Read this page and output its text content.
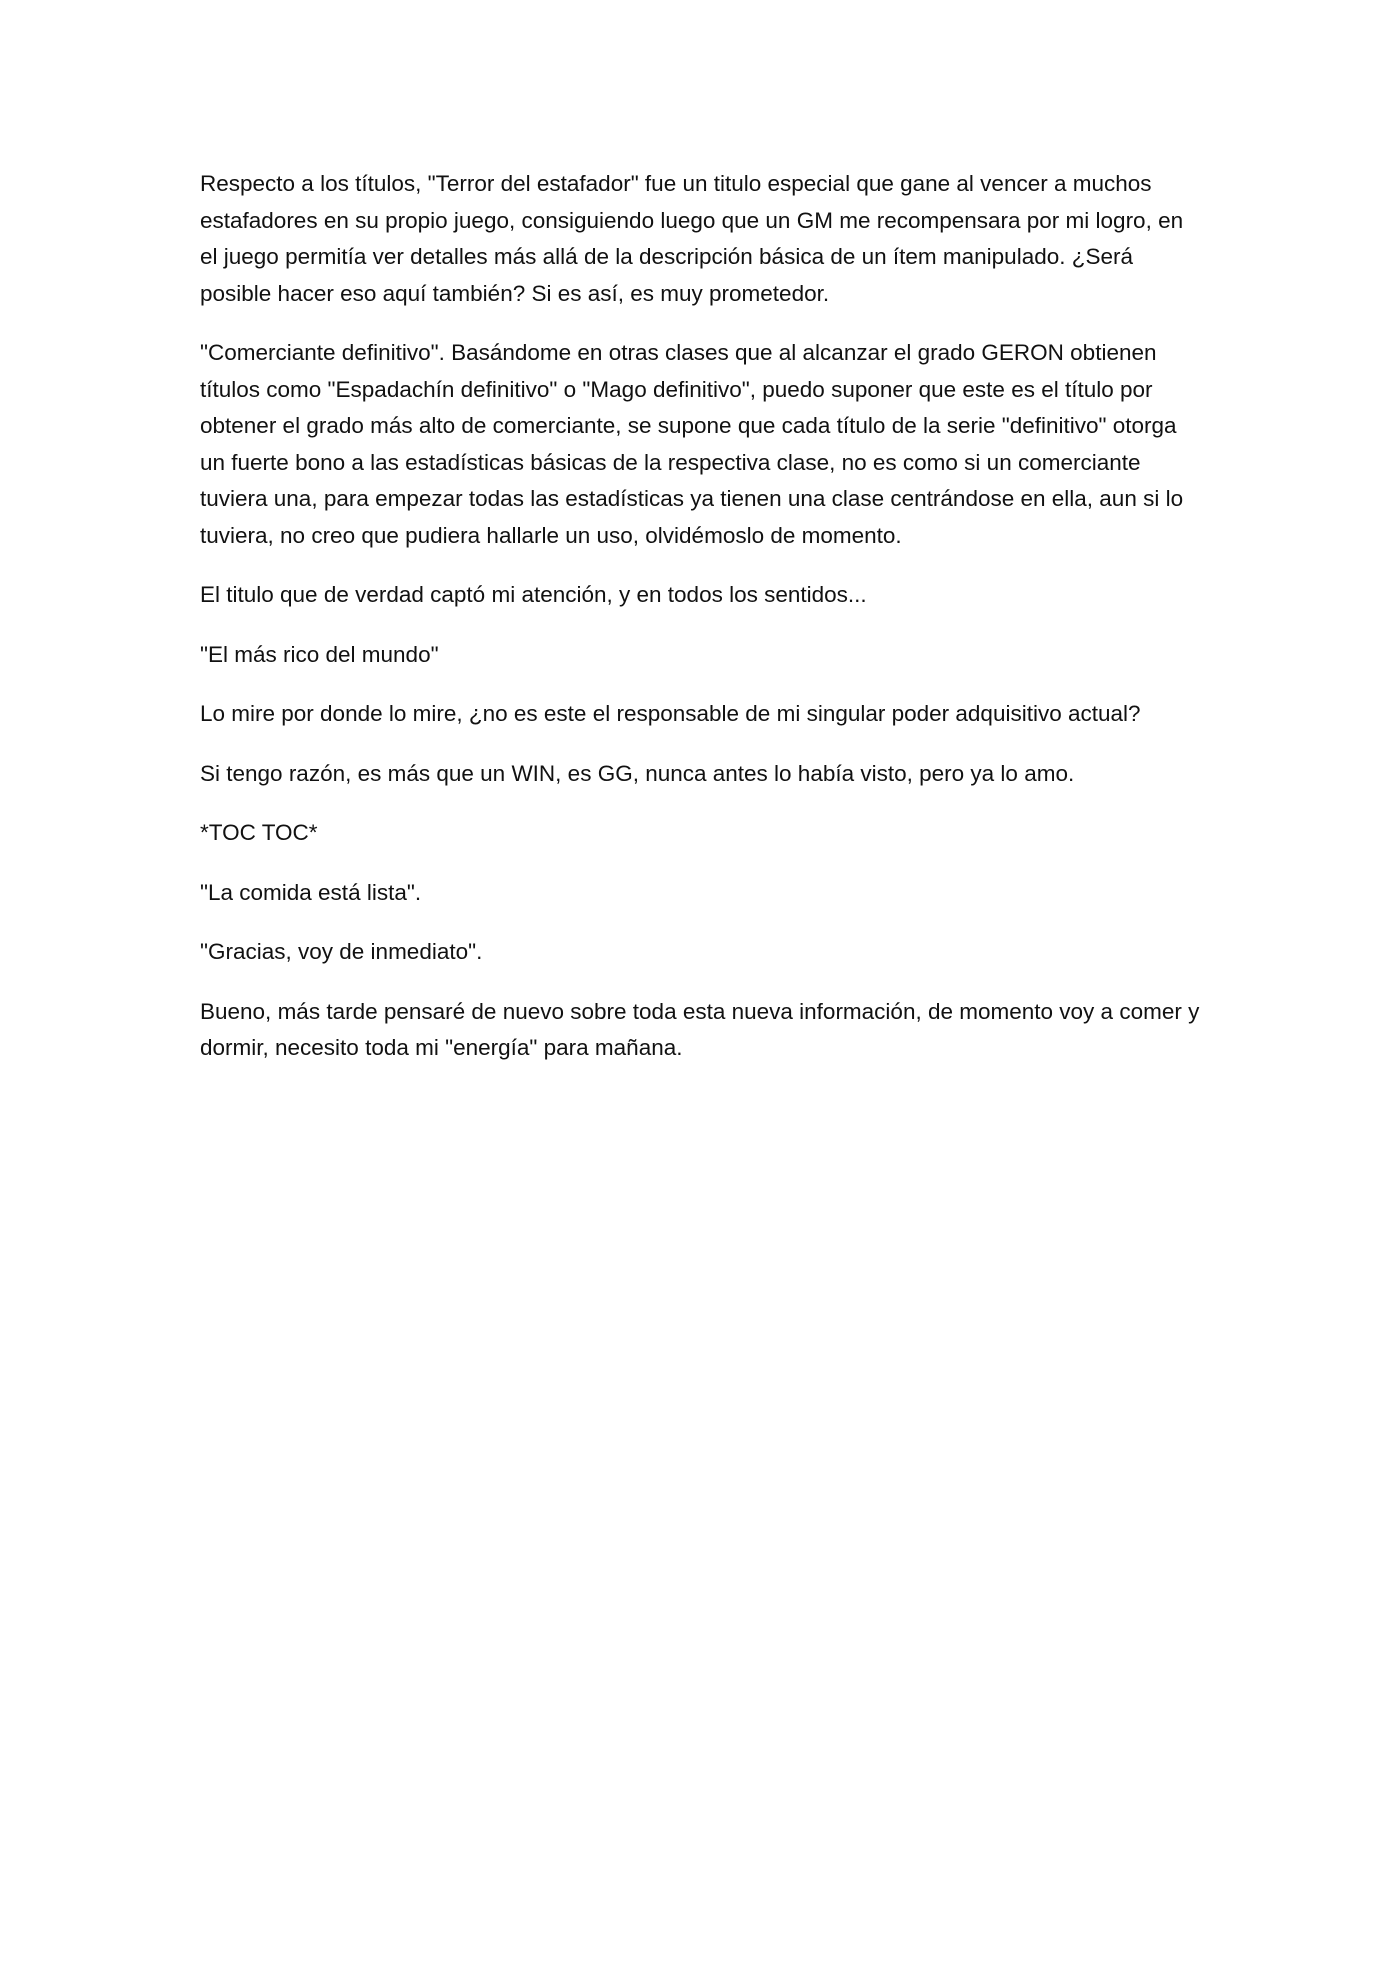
Respecto a los títulos, "Terror del estafador" fue un titulo especial que gane al vencer a muchos estafadores en su propio juego, consiguiendo luego que un GM me recompensara por mi logro, en el juego permitía ver detalles más allá de la descripción básica de un ítem manipulado. ¿Será posible hacer eso aquí también? Si es así, es muy prometedor.

"Comerciante definitivo". Basándome en otras clases que al alcanzar el grado GERON obtienen títulos como "Espadachín definitivo" o "Mago definitivo", puedo suponer que este es el título por obtener el grado más alto de comerciante, se supone que cada título de la serie "definitivo" otorga un fuerte bono a las estadísticas básicas de la respectiva clase, no es como si un comerciante tuviera una, para empezar todas las estadísticas ya tienen una clase centrándose en ella, aun si lo tuviera, no creo que pudiera hallarle un uso, olvidémoslo de momento.

El titulo que de verdad captó mi atención, y en todos los sentidos...

"El más rico del mundo"

Lo mire por donde lo mire, ¿no es este el responsable de mi singular poder adquisitivo actual?

Si tengo razón, es más que un WIN, es GG, nunca antes lo había visto, pero ya lo amo.

*TOC TOC*

"La comida está lista".

"Gracias, voy de inmediato".

Bueno, más tarde pensaré de nuevo sobre toda esta nueva información, de momento voy a comer y dormir, necesito toda mi "energía" para mañana.
